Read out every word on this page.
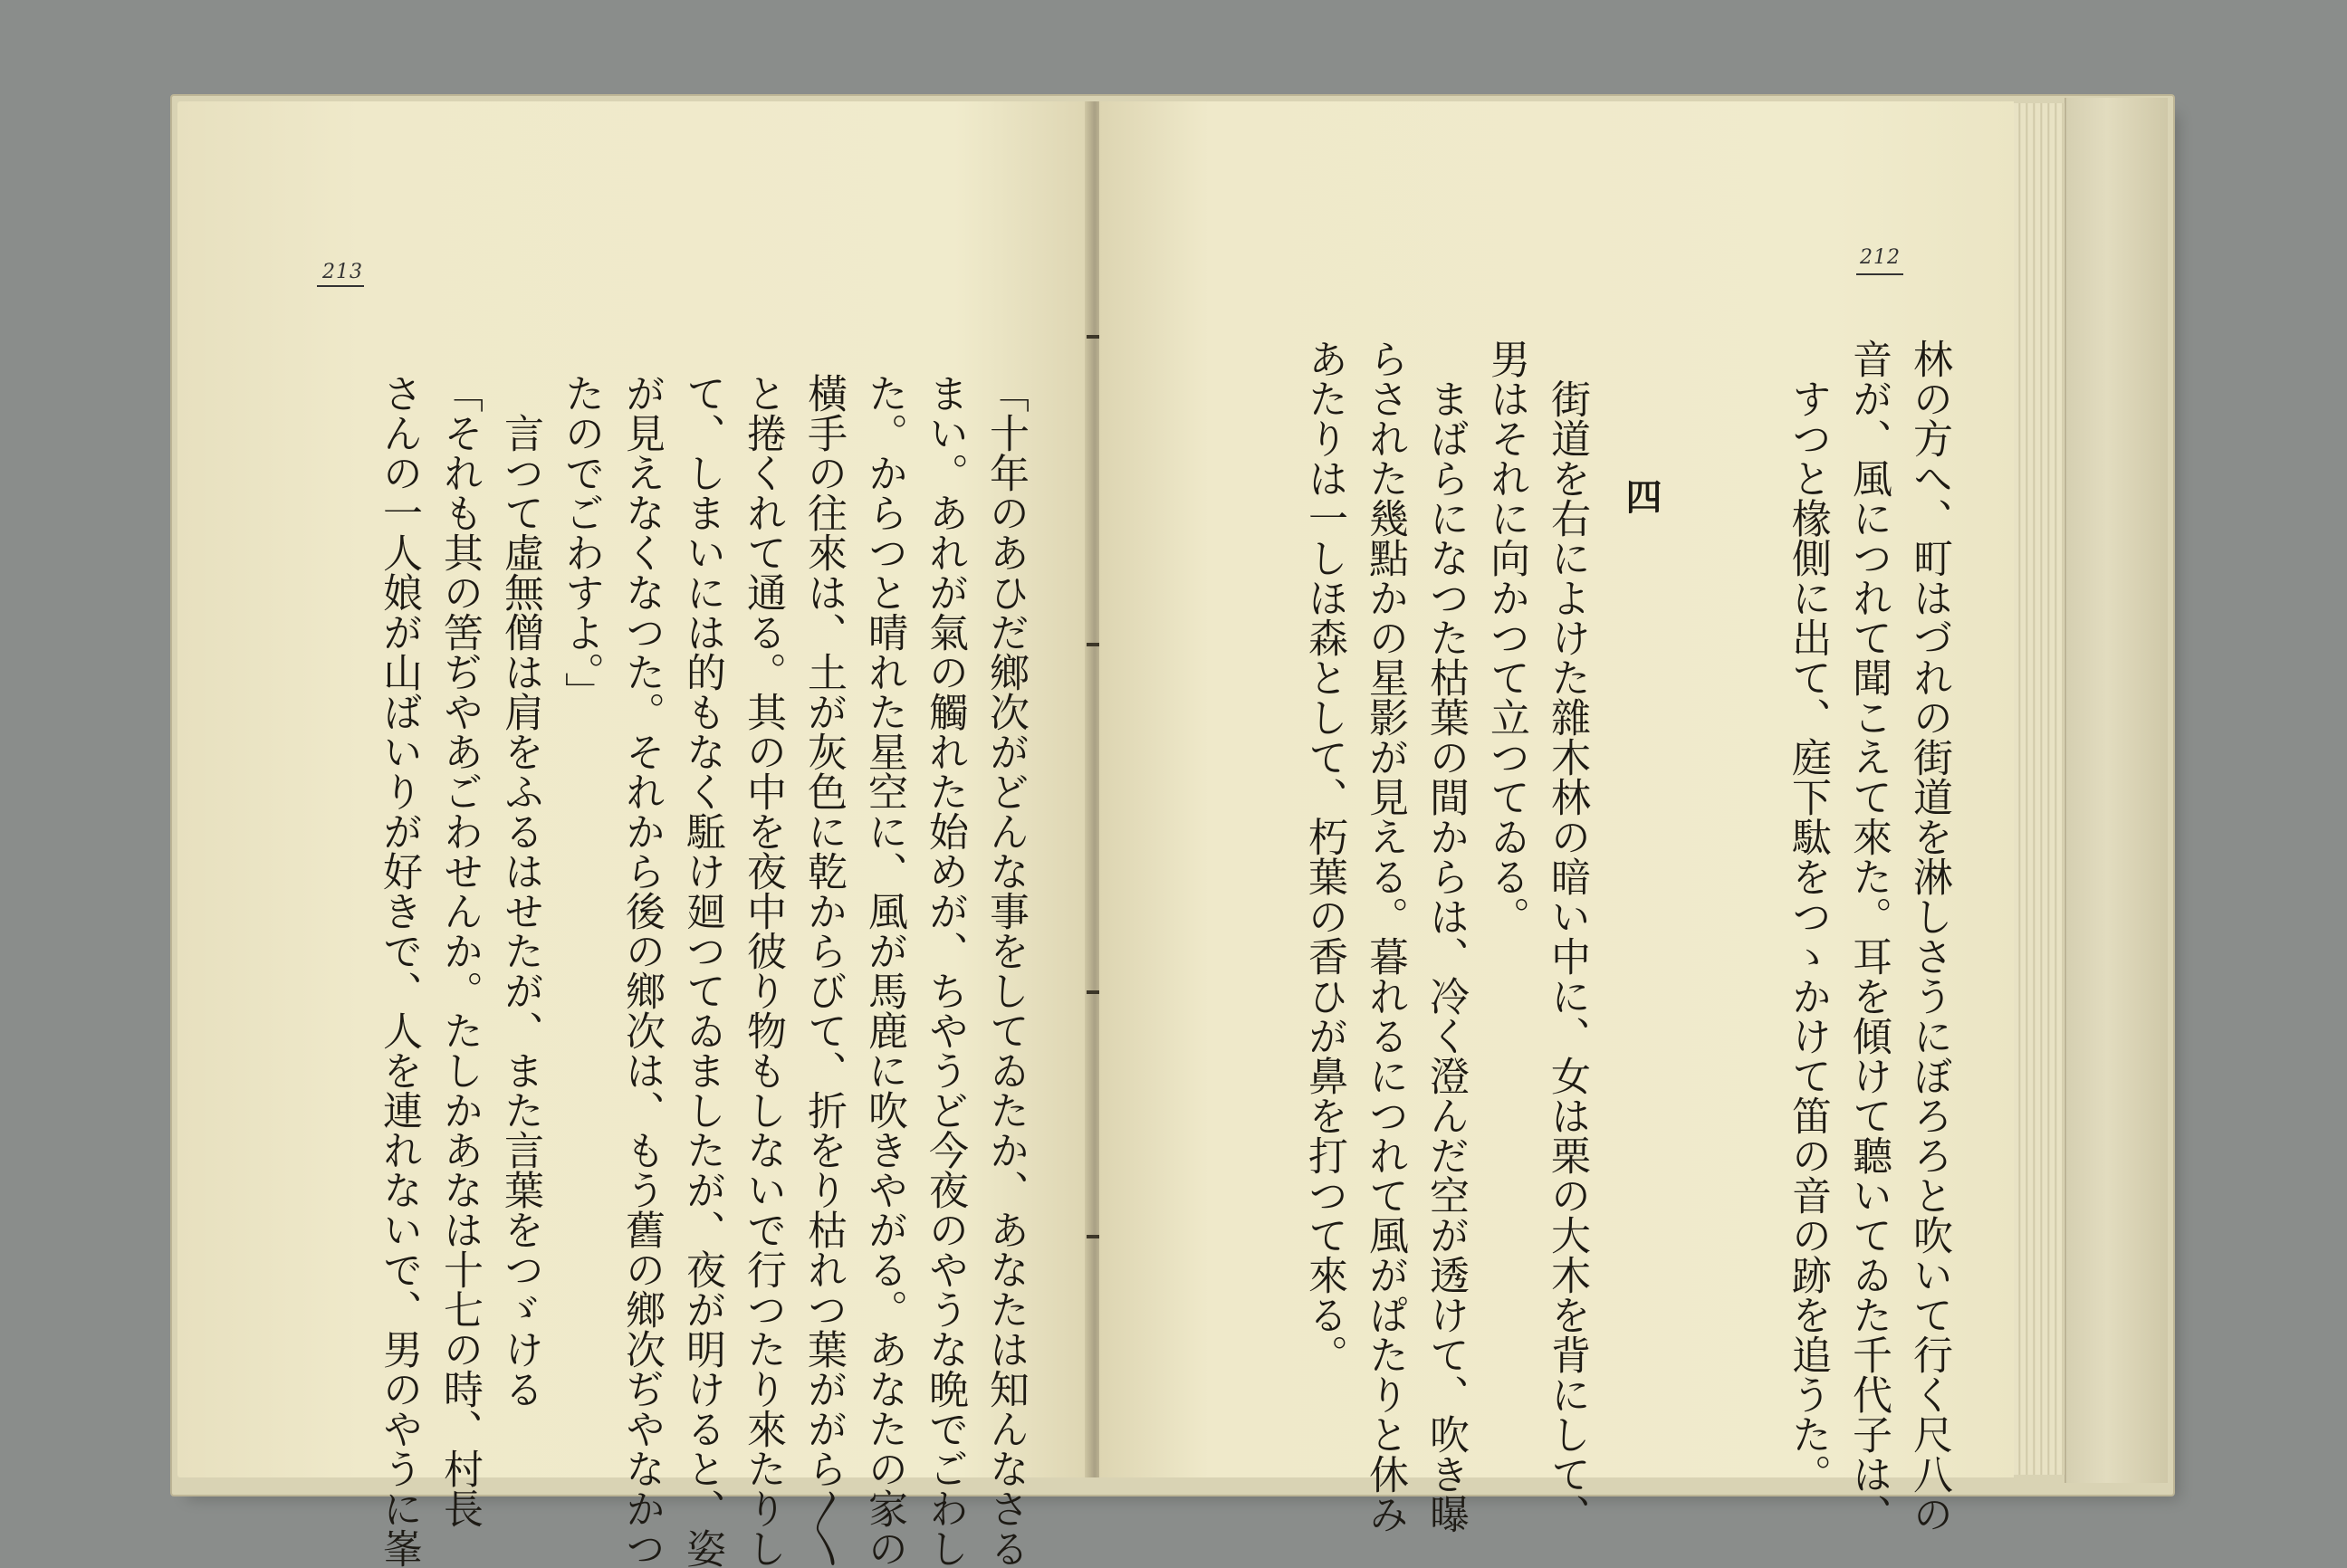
213
「十年のあひだ鄉次がどんな事をしてゐたか、あなたは知んなさる
まい。あれが氣の觸れた始めが、ちやうど今夜のやうな晩でごわし
た。からつと晴れた星空に、風が馬鹿に吹きやがる。あなたの家の
橫手の往來は、土が灰色に乾からびて、折をり枯れつ葉ががら〳〵
と捲くれて通る。其の中を夜中彼り物もしないで行つたり來たりし
て、しまいには的もなく駈け廻つてゐましたが、夜が明けると、姿
が見えなくなつた。それから後の鄉次は、もう舊の鄉次ぢやなかつ
たのでごわすよ。」
言つて虛無僧は肩をふるはせたが、また言葉をつゞける
「それも其の筈ぢやあごわせんか。たしかあなは十七の時、村長
さんの一人娘が山ばいりが好きで、人を連れないで、男のやうに峯
212
林の方へ、町はづれの街道を淋しさうにぼろろと吹いて行く尺八の
音が、風につれて聞こえて來た。耳を傾けて聽いてゐた千代子は、
すつと椽側に出て、庭下駄をつゝかけて笛の音の跡を追うた。
四
街道を右によけた雜木林の暗い中に、女は栗の大木を背にして、
男はそれに向かつて立つてゐる。
まばらになつた枯葉の間からは、冷く澄んだ空が透けて、吹き曝
らされた幾點かの星影が見える。暮れるにつれて風がぱたりと休み
あたりは一しほ森として、朽葉の香ひが鼻を打つて來る。
